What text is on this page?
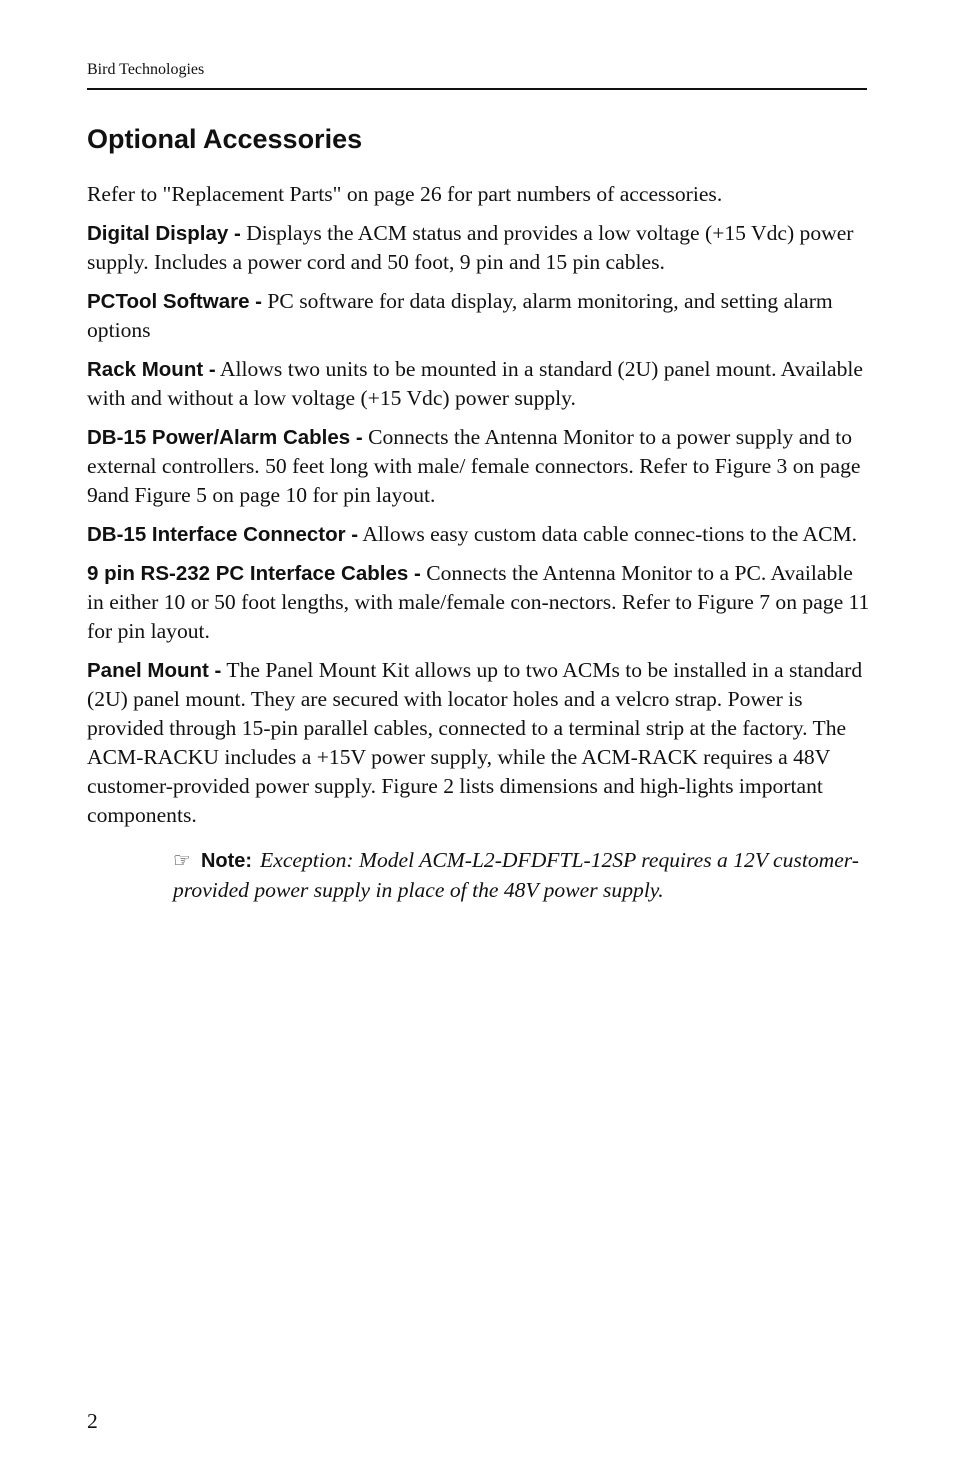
Bird Technologies
Optional Accessories

Refer to "Replacement Parts" on page 26 for part numbers of accessories.

Digital Display - Displays the ACM status and provides a low voltage (+15 Vdc) power supply. Includes a power cord and 50 foot, 9 pin and 15 pin cables.

PCTool Software - PC software for data display, alarm monitoring, and setting alarm options

Rack Mount - Allows two units to be mounted in a standard (2U) panel mount. Available with and without a low voltage (+15 Vdc) power supply.

DB-15 Power/Alarm Cables - Connects the Antenna Monitor to a power supply and to external controllers. 50 feet long with male/ female connectors. Refer to Figure 3 on page 9and Figure 5 on page 10 for pin layout.

DB-15 Interface Connector - Allows easy custom data cable connec-tions to the ACM.

9 pin RS-232 PC Interface Cables - Connects the Antenna Monitor to a PC. Available in either 10 or 50 foot lengths, with male/female con-nectors. Refer to Figure 7 on page 11 for pin layout.

Panel Mount - The Panel Mount Kit allows up to two ACMs to be installed in a standard (2U) panel mount. They are secured with locator holes and a velcro strap. Power is provided through 15-pin parallel cables, connected to a terminal strip at the factory. The ACM-RACKU includes a +15V power supply, while the ACM-RACK requires a 48V customer-provided power supply. Figure 2 lists dimensions and high-lights important components.

☞ Note: Exception: Model ACM-L2-DFDFTL-12SP requires a 12V customer-provided power supply in place of the 48V power supply.
2
